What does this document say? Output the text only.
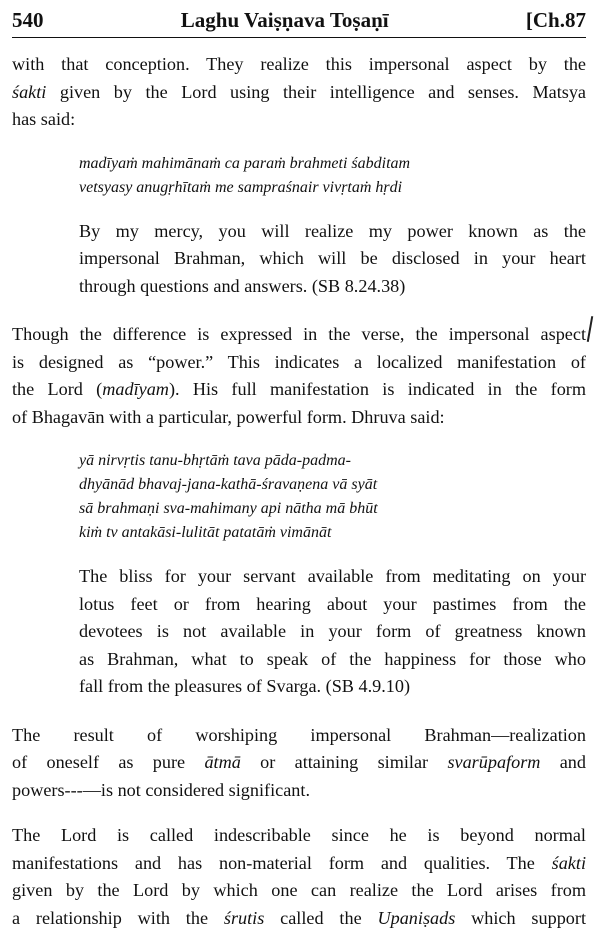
540	Laghu Vaiṣṇava Toṣaṇī	[Ch.87

with that conception. They realize this impersonal aspect by the
śakti given by the Lord using their intelligence and senses. Matsya
has said:

madīyaṁ mahimānaṁ ca paraṁ brahmeti śabditam
vetsyasy anugṛhītaṁ me sampraśnair vivṛtaṁ hṛdi

By my mercy, you will realize my power known as the
impersonal Brahman, which will be disclosed in your heart
through questions and answers. (SB 8.24.38)

Though the difference is expressed in the verse, the impersonal aspect
is designed as “power.” This indicates a localized manifestation of
the Lord (madīyam). His full manifestation is indicated in the form
of Bhagavān with a particular, powerful form. Dhruva said:

yā nirvṛtis tanu-bhṛtāṁ tava pāda-padma-
dhyānād bhavaj-jana-kathā-śravaṇena vā syāt
sā brahmaṇi sva-mahimany api nātha mā bhūt
kiṁ tv antakāsi-lulitāt patatāṁ vimānāt

The bliss for your servant available from meditating on your
lotus feet or from hearing about your pastimes from the
devotees is not available in your form of greatness known
as Brahman, what to speak of the happiness for those who
fall from the pleasures of Svarga. (SB 4.9.10)

The result of worshiping impersonal Brahman—realization
of oneself as pure ātmā or attaining similar svarūpaform and
powers---—is not considered significant.

The Lord is called indescribable since he is beyond normal
manifestations and has non-material form and qualities. The śakti
given by the Lord by which one can realize the Lord arises from
a relationship with the śrutis called the Upaniṣads which support
